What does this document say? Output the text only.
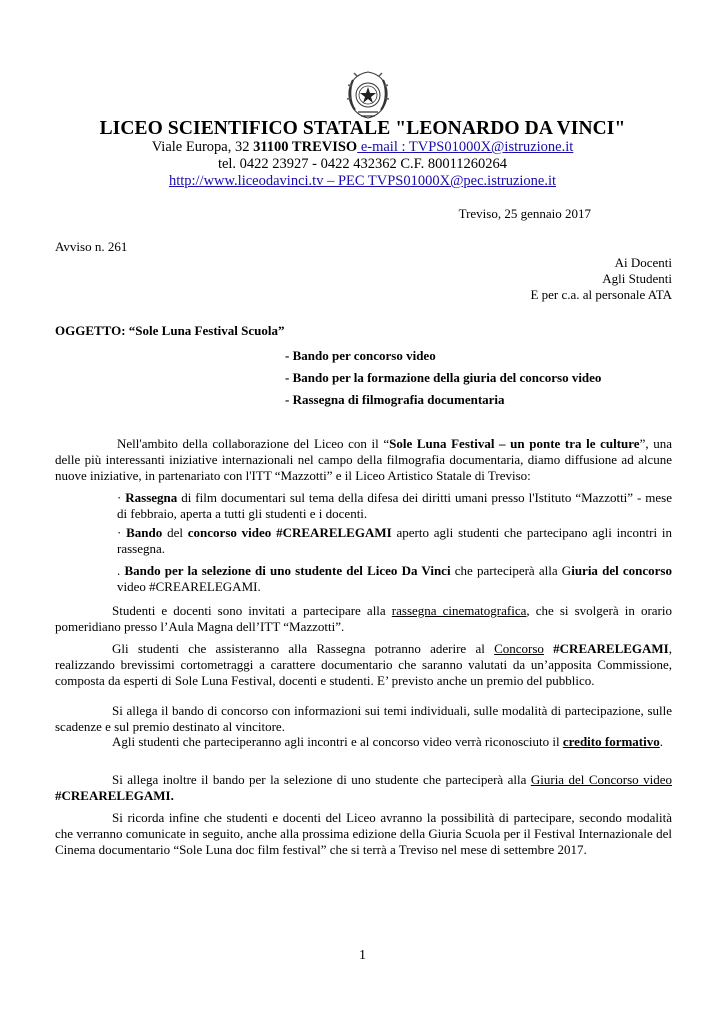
LICEO SCIENTIFICO STATALE "LEONARDO DA VINCI"
Viale Europa, 32 31100 TREVISO e-mail : TVPS01000X@istruzione.it
tel. 0422 23927 - 0422 432362 C.F. 80011260264
http://www.liceodavinci.tv – PEC TVPS01000X@pec.istruzione.it
Treviso, 25 gennaio 2017
Avviso n. 261
Ai Docenti
Agli Studenti
E per c.a. al personale ATA
OGGETTO: “Sole Luna Festival Scuola”
- Bando per concorso video
- Bando per la formazione della giuria del concorso video
- Rassegna di filmografia documentaria
Nell'ambito della collaborazione del Liceo con il “Sole Luna Festival – un ponte tra le culture”, una delle più interessanti iniziative internazionali nel campo della filmografia documentaria, diamo diffusione ad alcune nuove iniziative, in partenariato con l'ITT “Mazzotti” e il Liceo Artistico Statale di Treviso:
· Rassegna di film documentari sul tema della difesa dei diritti umani presso l'Istituto “Mazzotti” - mese di febbraio, aperta a tutti gli studenti e i docenti.
· Bando del concorso video #CREARELEGAMI aperto agli studenti che partecipano agli incontri in rassegna.
. Bando per la selezione di uno studente del Liceo Da Vinci che parteciperà alla Giuria del concorso video #CREARELEGAMI.
Studenti e docenti sono invitati a partecipare alla rassegna cinematografica, che si svolgerà in orario pomeridiano presso l’Aula Magna dell’ITT “Mazzotti”.
Gli studenti che assisteranno alla Rassegna potranno aderire al Concorso #CREARELEGAMI, realizzando brevissimi cortometraggi a carattere documentario che saranno valutati da un’apposita Commissione, composta da esperti di Sole Luna Festival, docenti e studenti. E’ previsto anche un premio del pubblico.
Si allega il bando di concorso con informazioni sui temi individuali, sulle modalità di partecipazione, sulle scadenze e sul premio destinato al vincitore.
Agli studenti che parteciperanno agli incontri e al concorso video verrà riconosciuto il credito formativo.
Si allega inoltre il bando per la selezione di uno studente che parteciperà alla Giuria del Concorso video #CREARELEGAMI.
Si ricorda infine che studenti e docenti del Liceo avranno la possibilità di partecipare, secondo modalità che verranno comunicate in seguito, anche alla prossima edizione della Giuria Scuola per il Festival Internazionale del Cinema documentario “Sole Luna doc film festival” che si terrà a Treviso nel mese di settembre 2017.
1
